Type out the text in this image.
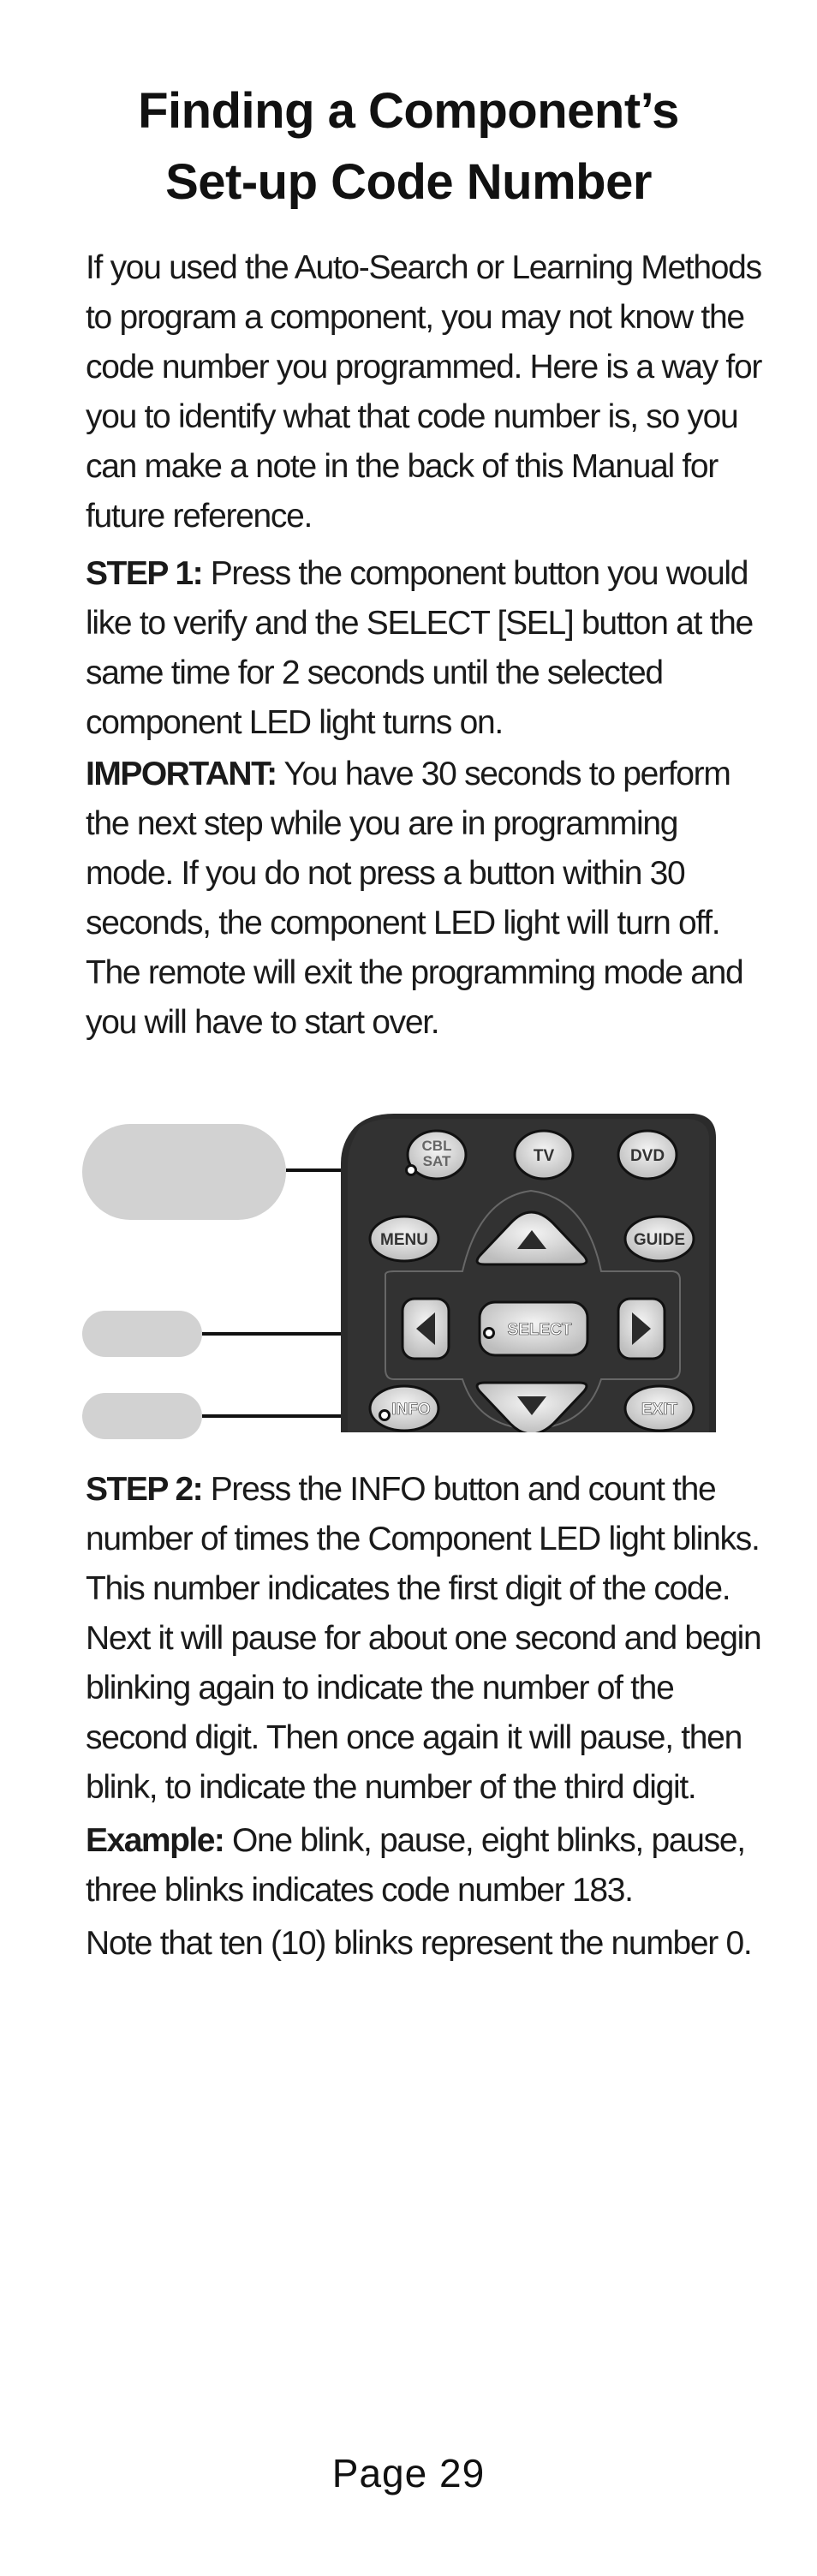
Finding a Component’s
Set-up Code Number
If you used the Auto-Search or Learning Methods to program a component, you may not know the code number you programmed. Here is a way for you to identify what that code number is, so you can make a note in the back of this Manual for future reference.
STEP 1: Press the component button you would like to verify and the SELECT [SEL] button at the same time for 2 seconds until the selected component LED light turns on.
IMPORTANT: You have 30 seconds to perform the next step while you are in programming mode. If you do not press a button within 30 seconds, the component LED light will turn off. The remote will exit the programming mode and you will have to start over.
CBL
SAT	TV	DVD
MENU	GUIDE
SELECT
INFO	EXIT
STEP 2: Press the INFO button and count the number of times the Component LED light blinks. This number indicates the first digit of the code. Next it will pause for about one second and begin blinking again to indicate the number of the second digit. Then once again it will pause, then blink, to indicate the number of the third digit.
Example: One blink, pause, eight blinks, pause, three blinks indicates code number 183.
Note that ten (10) blinks represent the number 0.
Page 29
